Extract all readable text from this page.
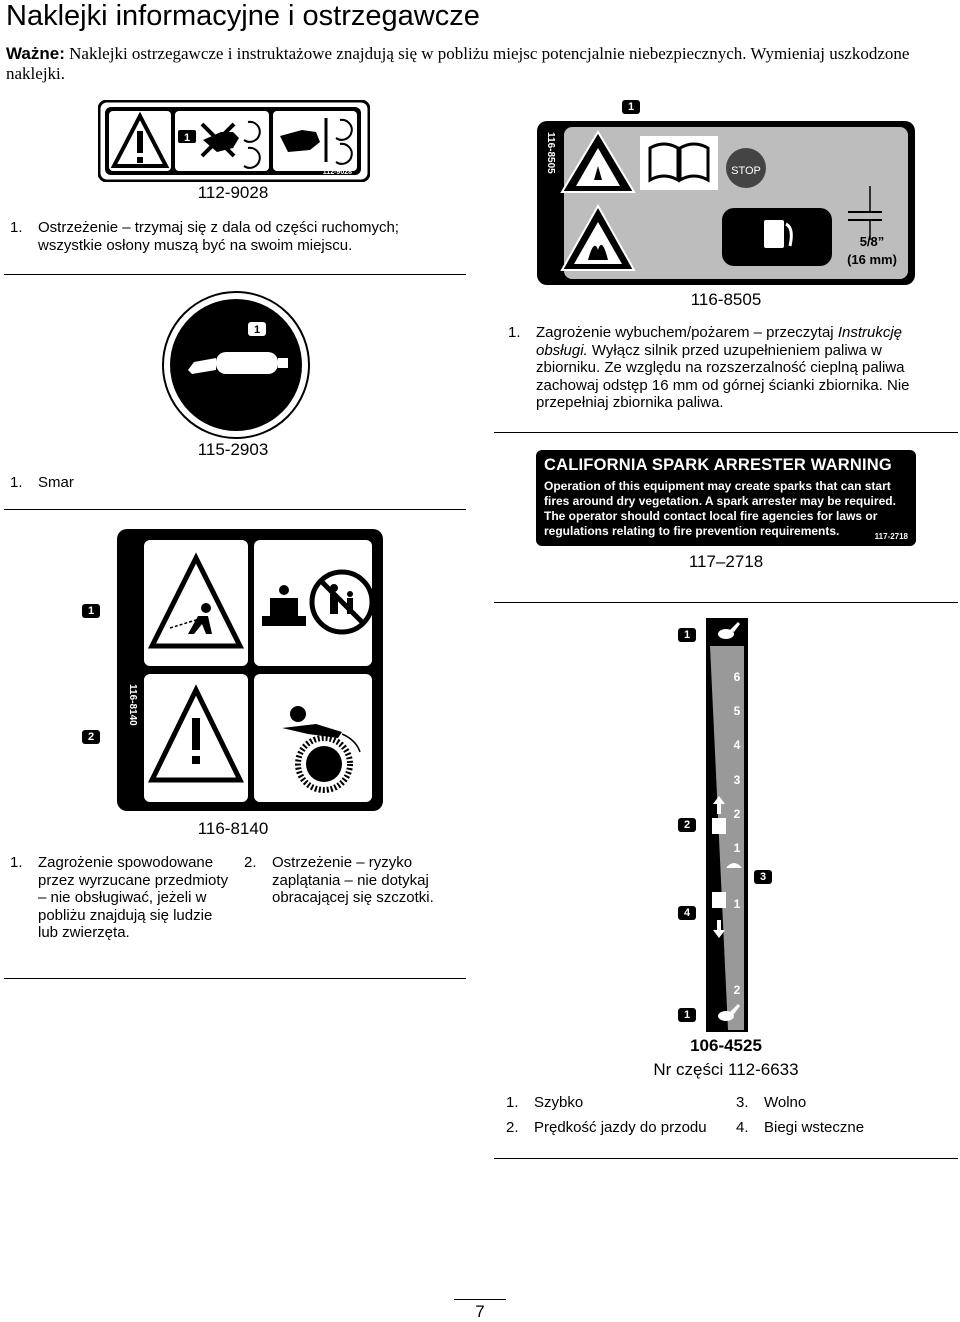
Naklejki informacyjne i ostrzegawcze
Ważne: Naklejki ostrzegawcze i instruktażowe znajdują się w pobliżu miejsc potencjalnie niebezpiecznych. Wymieniaj uszkodzone naklejki.
1
112-9028
112-9028
1.	Ostrzeżenie – trzymaj się z dala od części ruchomych; wszystkie osłony muszą być na swoim miejscu.
1
116-8505	STOP
5/8”
(16 mm)
116-8505
1.	Zagrożenie wybuchem/pożarem – przeczytaj Instrukcję obsługi. Wyłącz silnik przed uzupełnieniem paliwa w zbiorniku. Ze względu na rozszerzalność cieplną paliwa zachowaj odstęp 16 mm od górnej ścianki zbiornika. Nie przepełniaj zbiornika paliwa.
1
115-2903
1.	Smar
CALIFORNIA SPARK ARRESTER WARNING
Operation of this equipment may create sparks that can start fires around dry vegetation. A spark arrester may be required. The operator should contact local fire agencies for laws or regulations relating to fire prevention requirements.	117-2718
117–2718
1
2
116-8140
116-8140
1.	Zagrożenie spowodowane przez wyrzucane przedmioty – nie obsługiwać, jeżeli w pobliżu znajdują się ludzie lub zwierzęta.
2.	Ostrzeżenie – ryzyko zaplątania – nie dotykaj obracającej się szczotki.
1
2
3
4
1
6
5
4
3
2
1
1
2
106-4525
Nr części 112-6633
1.	Szybko	3.	Wolno
2.	Prędkość jazdy do przodu 4.	Biegi wsteczne
7
